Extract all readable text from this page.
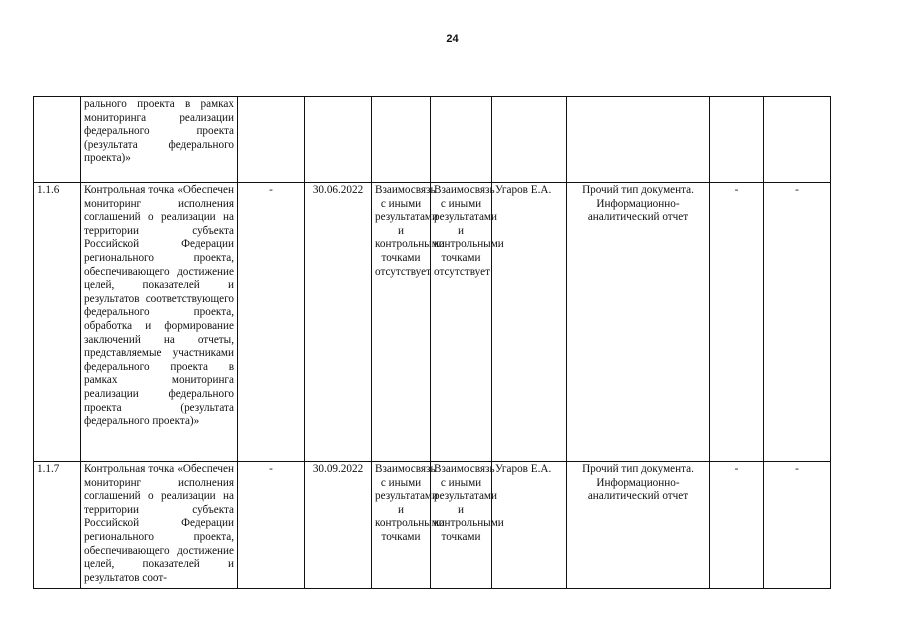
24
	рального проекта в рамках мониторинга реализации федерального проекта (результата федерального проекта)»								
1.1.6	Контрольная точка «Обеспечен мониторинг исполнения соглашений о реализации на территории субъекта Российской Федерации регионального проекта, обеспечивающего достижение целей, показателей и результатов соответствующего федерального проекта, обработка и формирование заключений на отчеты, представляемые участниками федерального проекта в рамках мониторинга реализации федерального проекта (результата федерального проекта)»	-	30.06.2022	Взаимосвязь с иными результатами и контрольными точками отсутствует	Взаимосвязь с иными результатами и контрольными точками отсутствует	Угаров Е.А.	Прочий тип документа. Информационно-аналитический отчет	-	-
1.1.7	Контрольная точка «Обеспечен мониторинг исполнения соглашений о реализации на территории субъекта Российской Федерации регионального проекта, обеспечивающего достижение целей, показателей и результатов соот-	-	30.09.2022	Взаимосвязь с иными результатами и контрольными точками	Взаимосвязь с иными результатами и контрольными точками	Угаров Е.А.	Прочий тип документа. Информационно-аналитический отчет	-	-
